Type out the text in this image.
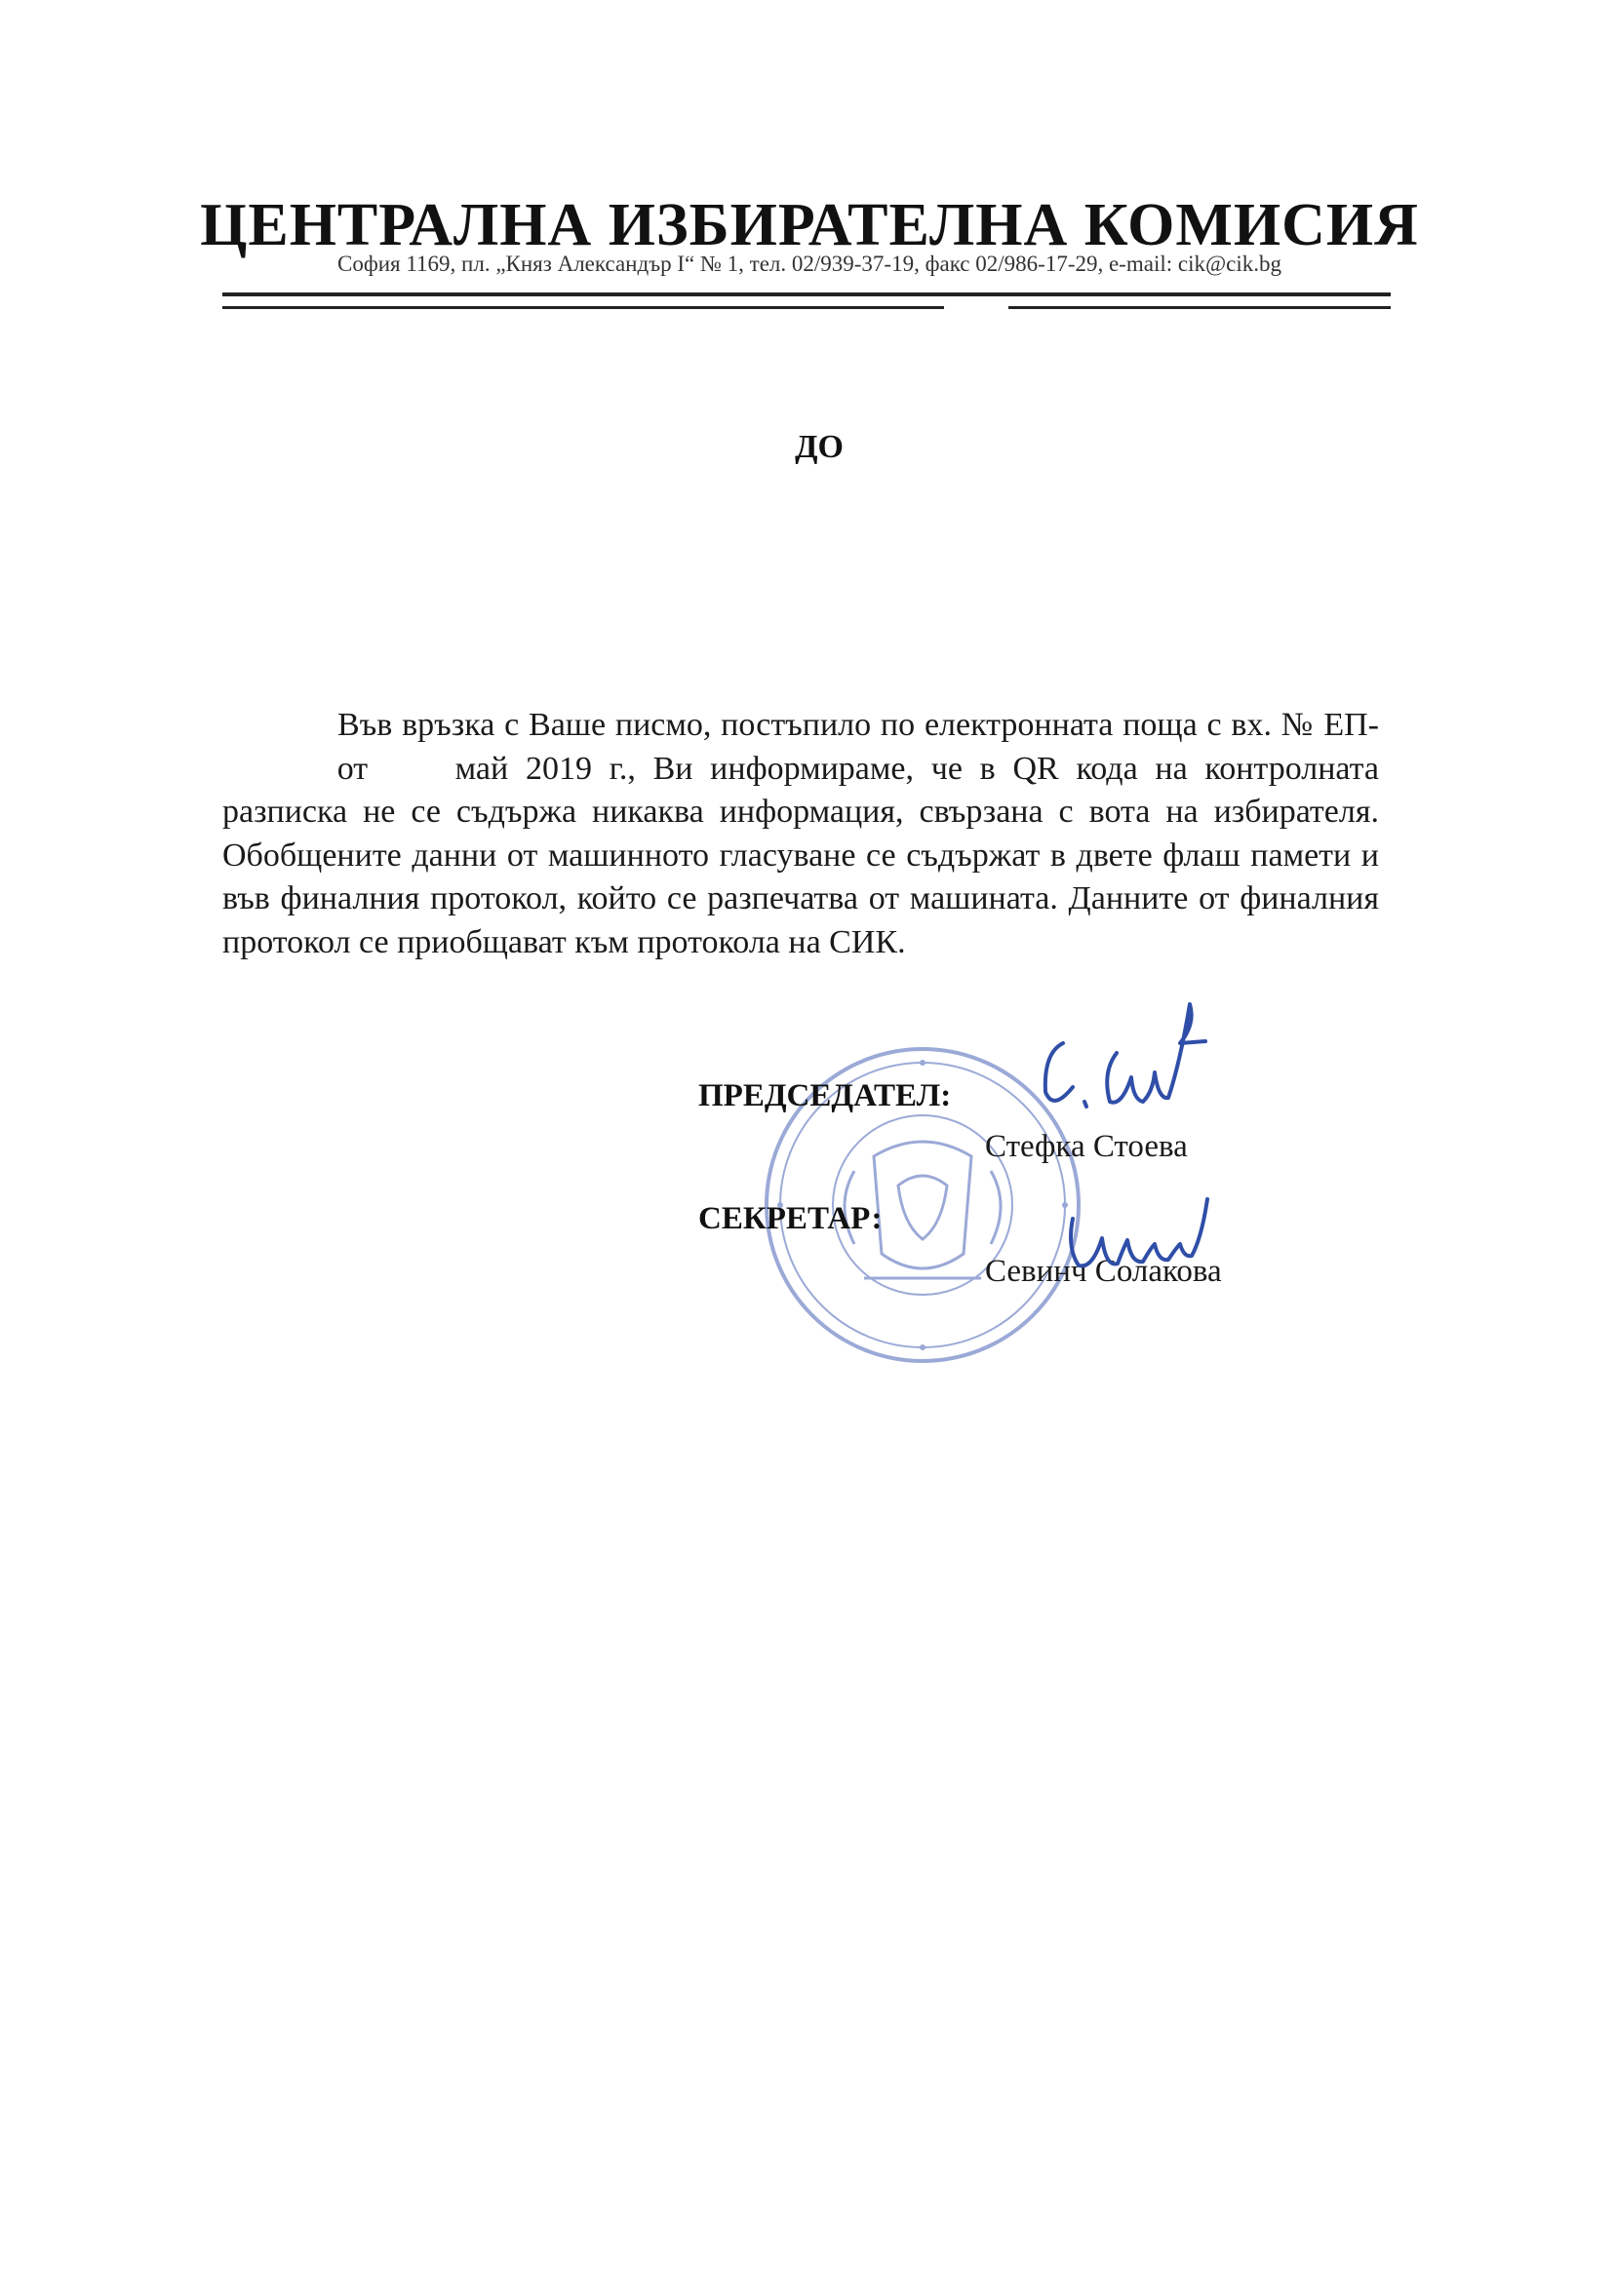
ЦЕНТРАЛНА ИЗБИРАТЕЛНА КОМИСИЯ
София 1169, пл. „Княз Александър I“ № 1, тел. 02/939-37-19, факс 02/986-17-29, e-mail: cik@cik.bg
ДО

Във връзка с Ваше писмо, постъпило по електронната поща с вх. № ЕП- от  май 2019 г., Ви информираме, че в QR кода на контролната разписка не се съдържа никаква информация, свързана с вота на избирателя. Обобщените данни от машинното гласуване се съдържат в двете флаш памети и във финалния протокол, който се разпечатва от машината. Данните от финалния протокол се приобщават към протокола на СИК.

ПРЕДСЕДАТЕЛ:
Стефка Стоева
СЕКРЕТАР:
Севинч Солакова
